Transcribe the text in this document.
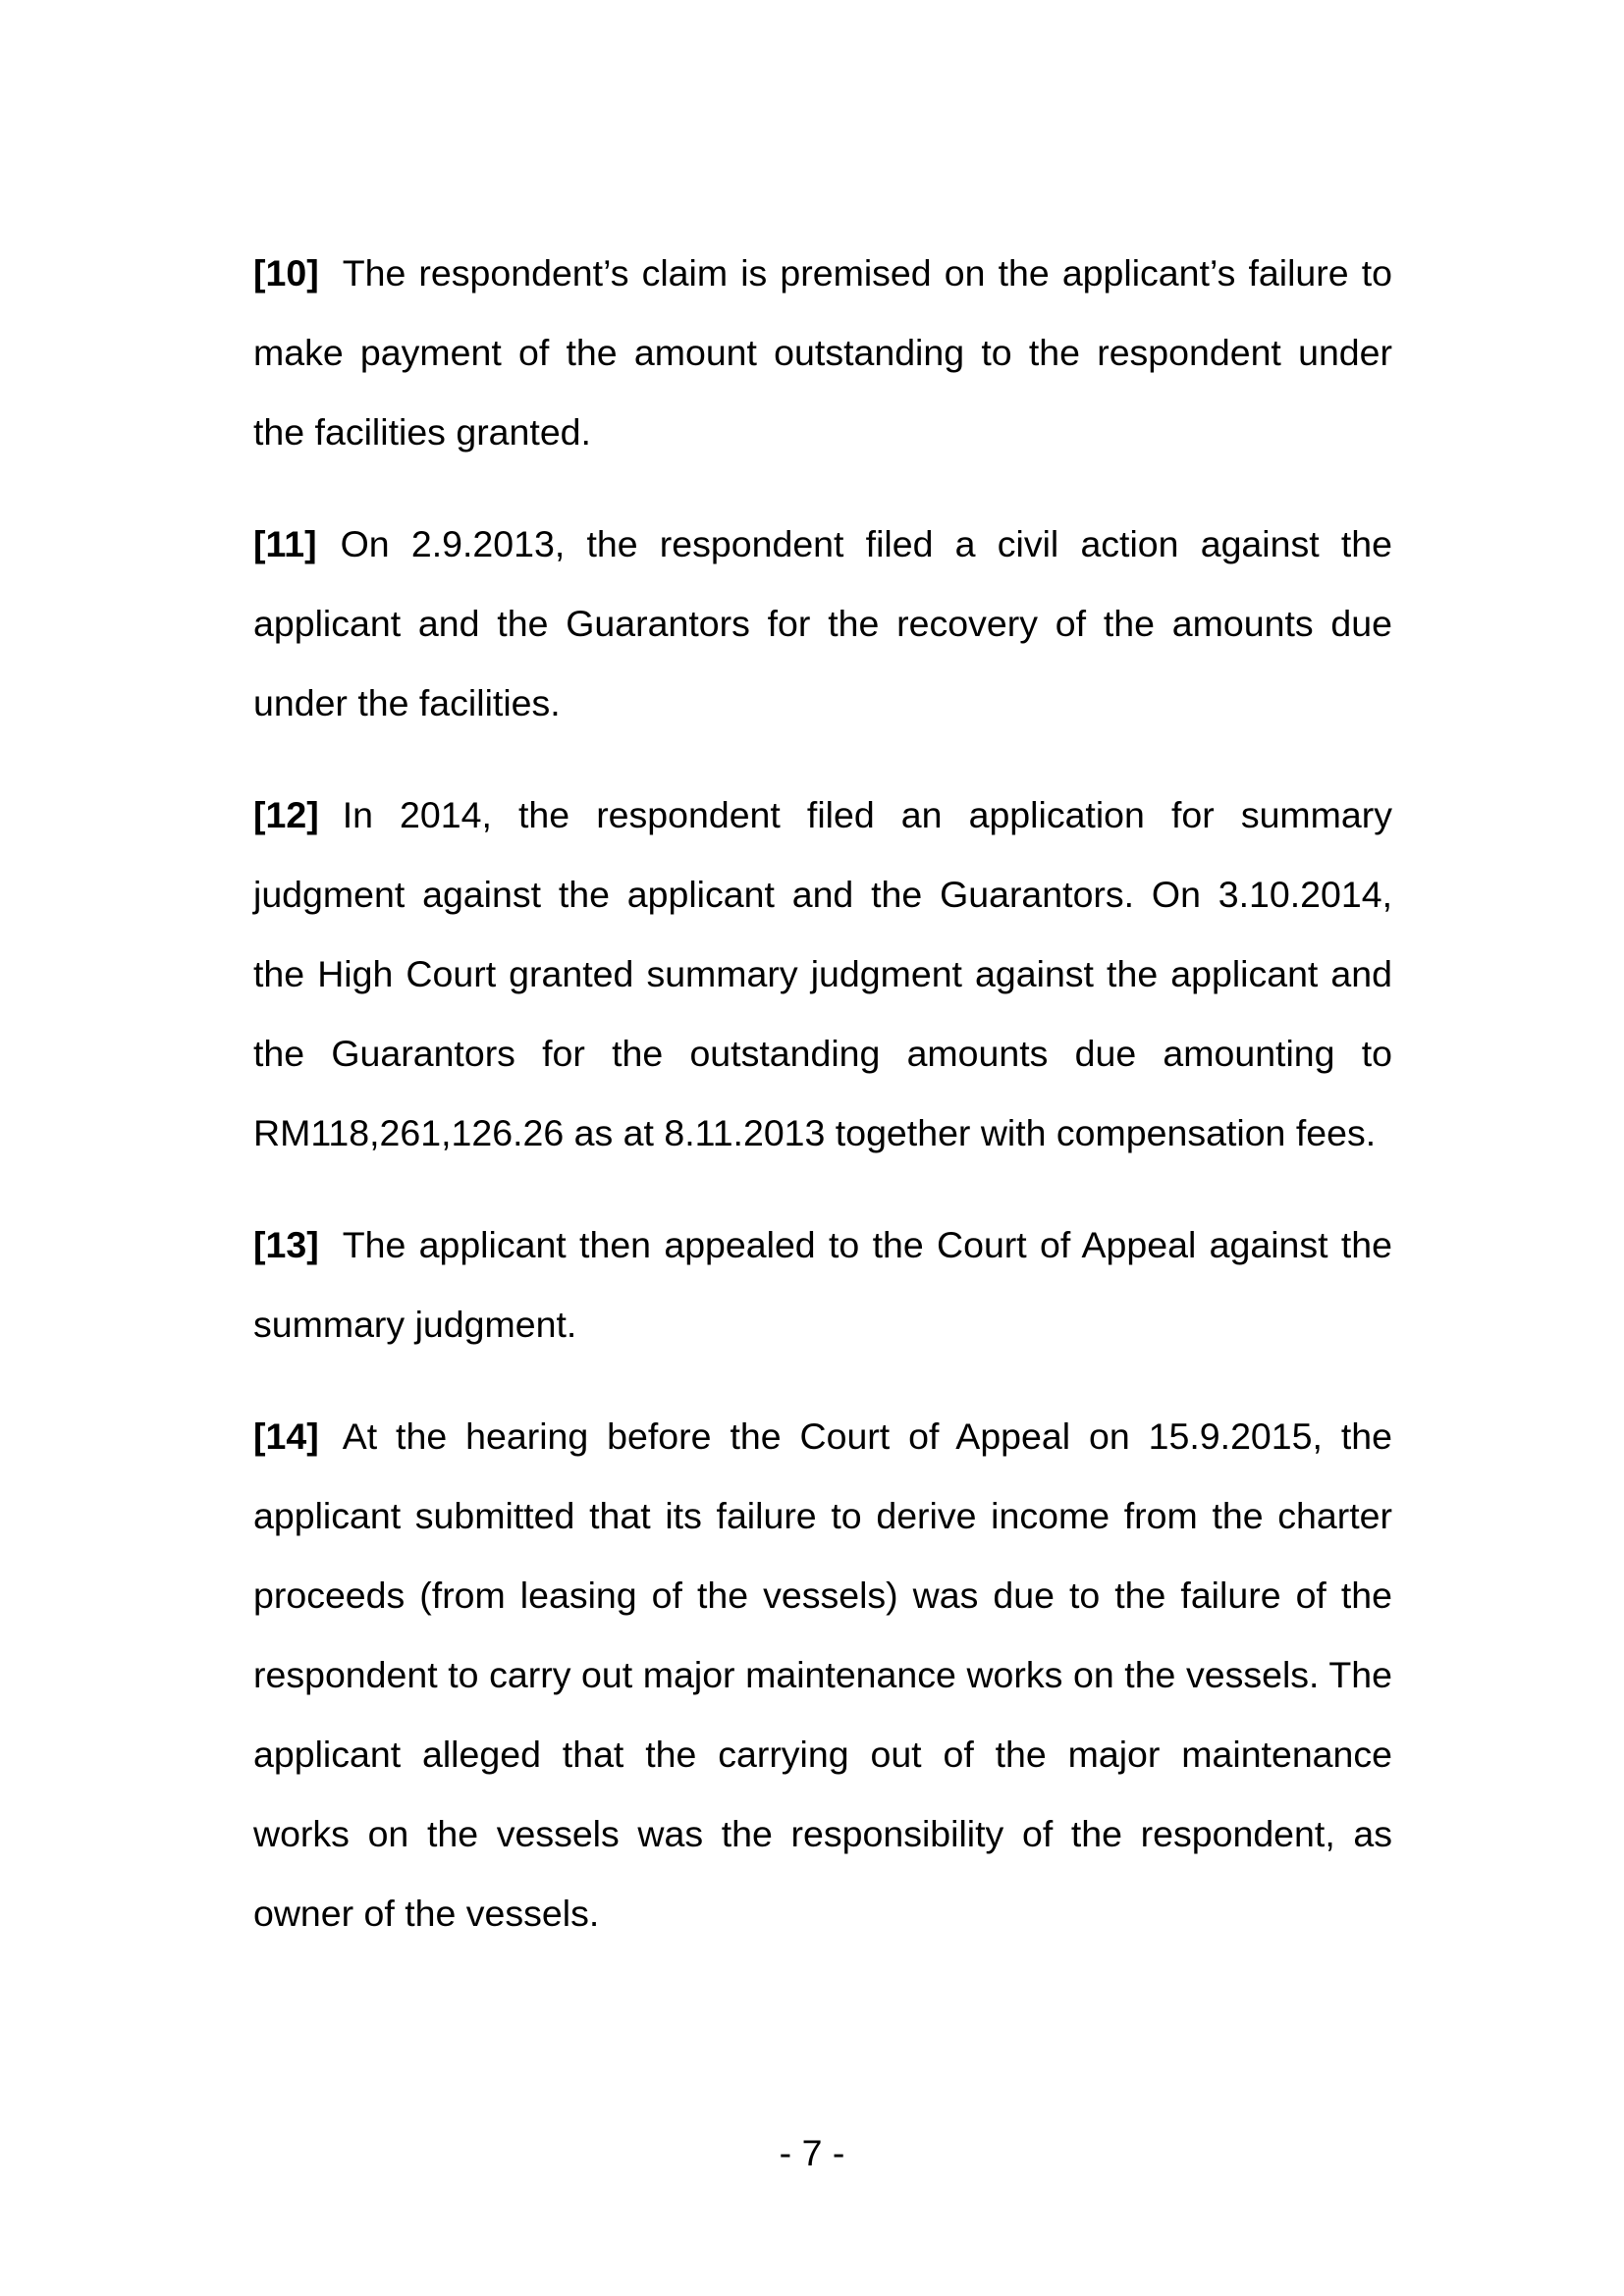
[10] The respondent’s claim is premised on the applicant’s failure to make payment of the amount outstanding to the respondent under the facilities granted.

[11] On 2.9.2013, the respondent filed a civil action against the applicant and the Guarantors for the recovery of the amounts due under the facilities.

[12] In 2014, the respondent filed an application for summary judgment against the applicant and the Guarantors. On 3.10.2014, the High Court granted summary judgment against the applicant and the Guarantors for the outstanding amounts due amounting to RM118,261,126.26 as at 8.11.2013 together with compensation fees.

[13] The applicant then appealed to the Court of Appeal against the summary judgment.

[14] At the hearing before the Court of Appeal on 15.9.2015, the applicant submitted that its failure to derive income from the charter proceeds (from leasing of the vessels) was due to the failure of the respondent to carry out major maintenance works on the vessels. The applicant alleged that the carrying out of the major maintenance works on the vessels was the responsibility of the respondent, as owner of the vessels.

- 7 -
